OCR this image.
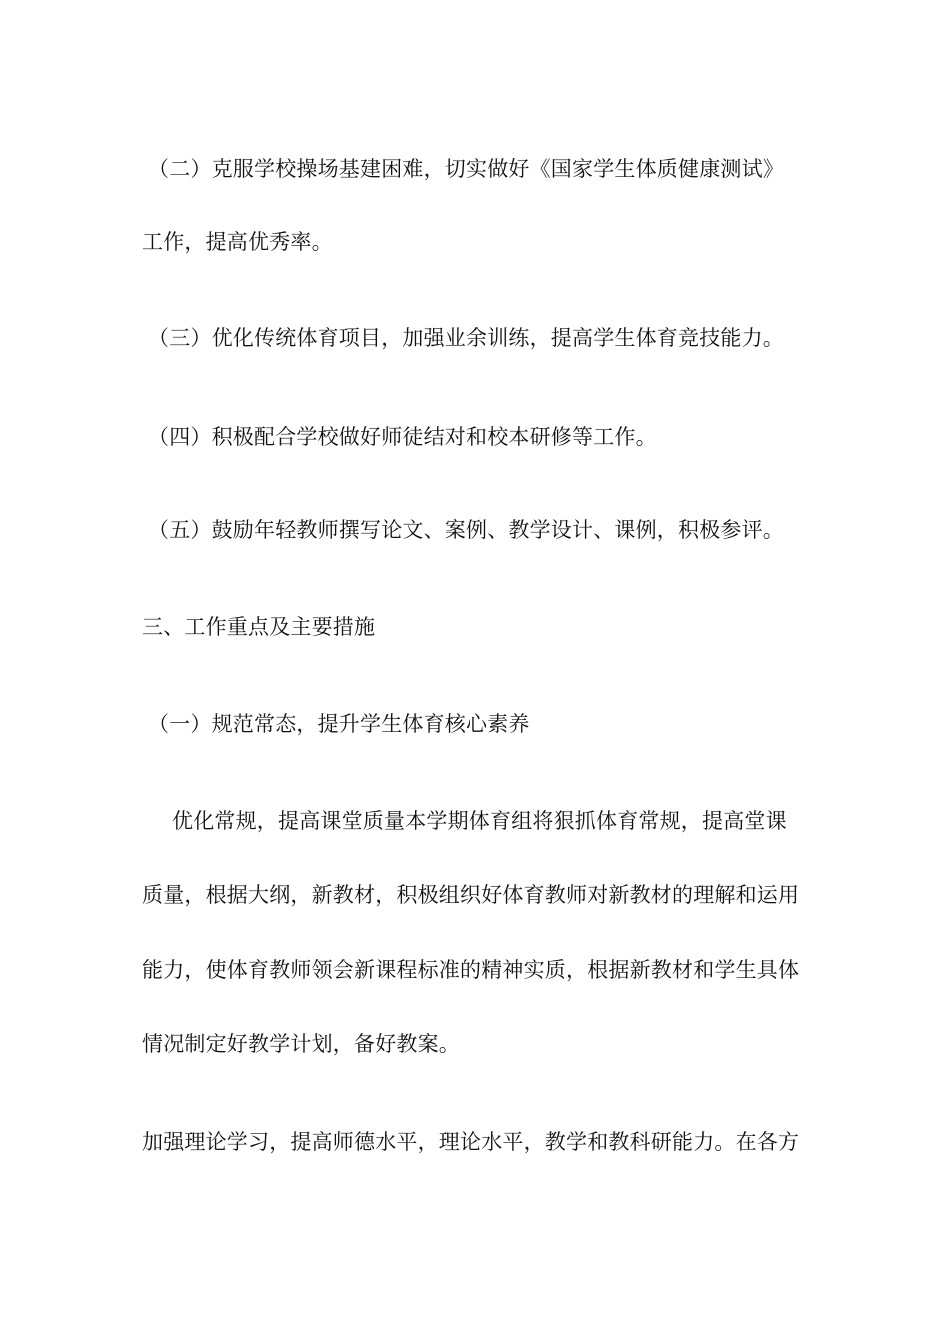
（二）克服学校操场基建困难，切实做好《国家学生体质健康测试》
工作，提高优秀率。
（三）优化传统体育项目，加强业余训练，提高学生体育竞技能力。
（四）积极配合学校做好师徒结对和校本研修等工作。
（五）鼓励年轻教师撰写论文、案例、教学设计、课例，积极参评。
三、工作重点及主要措施
（一）规范常态，提升学生体育核心素养
优化常规，提高课堂质量本学期体育组将狠抓体育常规，提高堂课
质量，根据大纲，新教材，积极组织好体育教师对新教材的理解和运用
能力，使体育教师领会新课程标准的精神实质，根据新教材和学生具体
情况制定好教学计划，备好教案。
加强理论学习，提高师德水平，理论水平，教学和教科研能力。在各方
